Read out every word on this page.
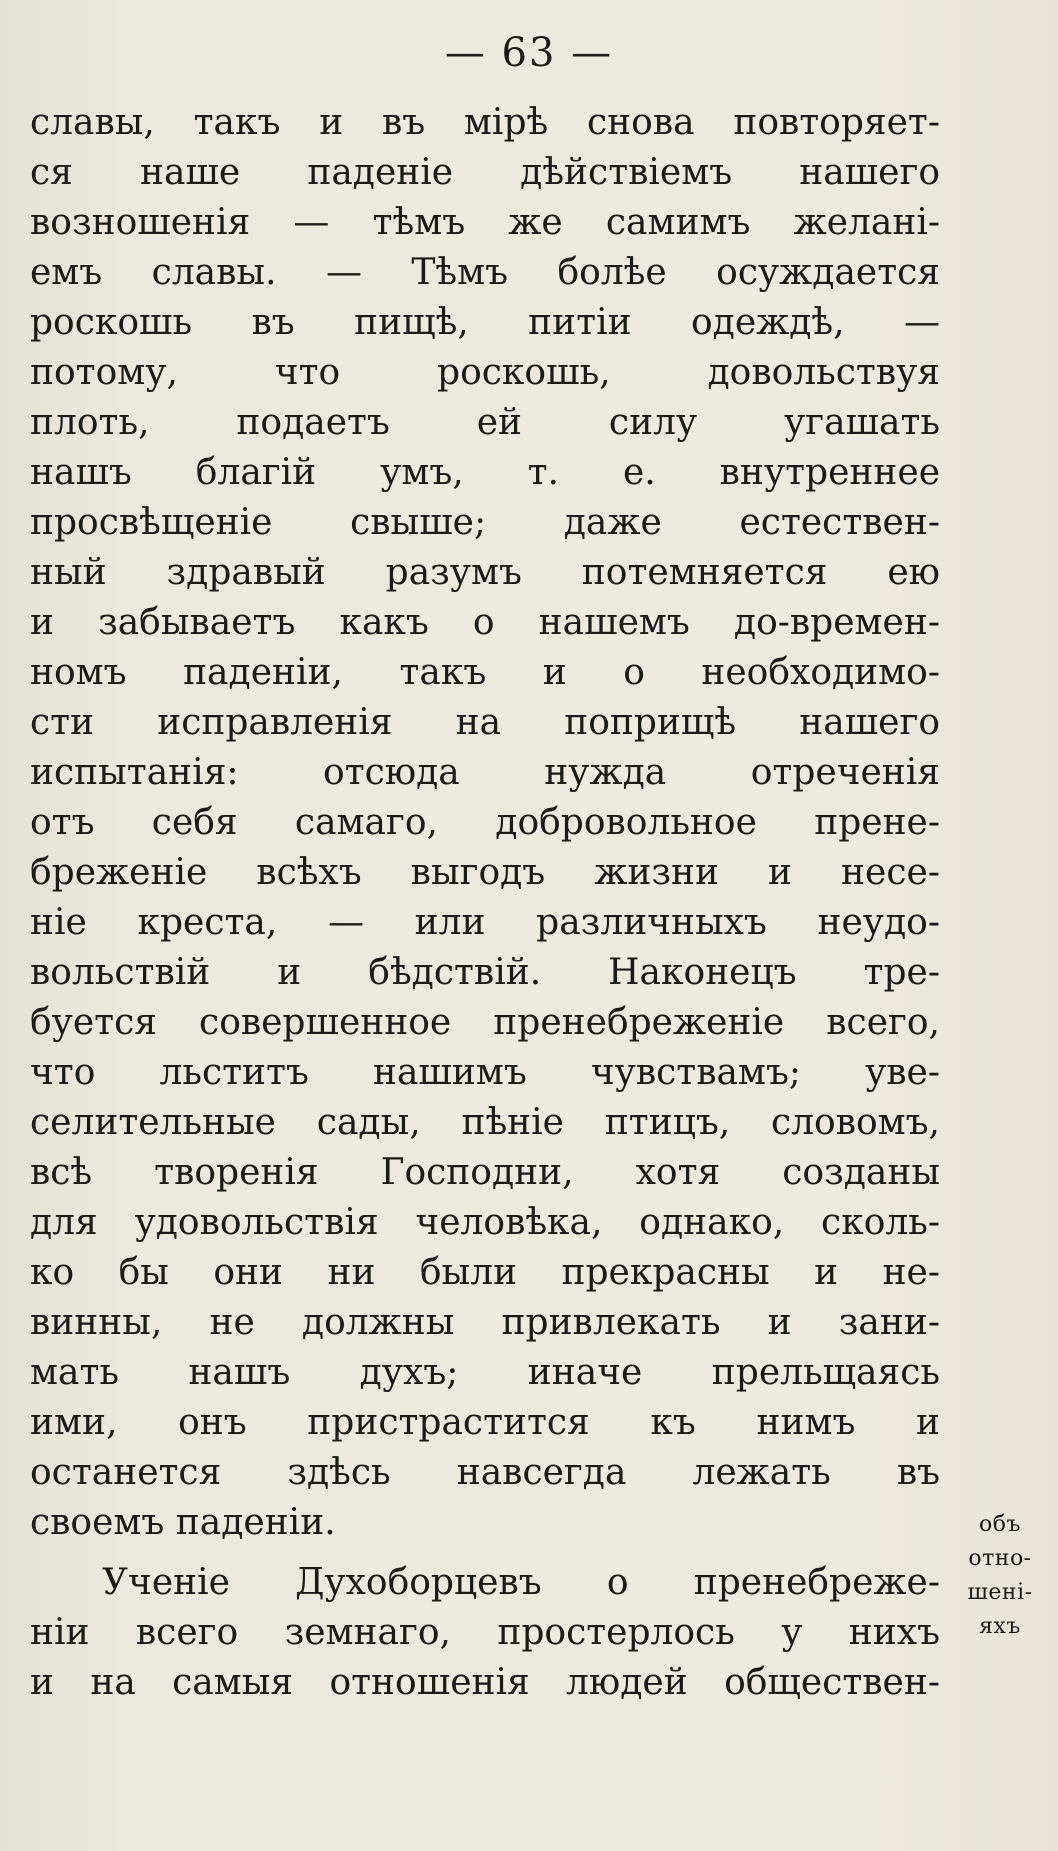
— 63 —
славы, такъ и въ мірѣ снова повторяет-
ся наше паденіе дѣйствіемъ нашего
возношенія — тѣмъ же самимъ желані-
емъ славы. — Тѣмъ болѣе осуждается
роскошь въ пищѣ, питіи одеждѣ, —
потому, что роскошь, довольствуя
плоть, подаетъ ей силу угашать
нашъ благій умъ, т. е. внутреннее
просвѣщеніе свыше; даже естествен-
ный здравый разумъ потемняется ею
и забываетъ какъ о нашемъ до-времен-
номъ паденіи, такъ и о необходимо-
сти исправленія на поприщѣ нашего
испытанія: отсюда нужда отреченія
отъ себя самаго, добровольное прене-
бреженіе всѣхъ выгодъ жизни и несе-
ніе креста, — или различныхъ неудо-
вольствій и бѣдствій. Наконецъ тре-
буется совершенное пренебреженіе всего,
что льститъ нашимъ чувствамъ; уве-
селительные сады, пѣніе птицъ, словомъ,
всѣ творенія Господни, хотя созданы
для удовольствія человѣка, однако, сколь-
ко бы они ни были прекрасны и не-
винны, не должны привлекать и зани-
мать нашъ духъ; иначе прельщаясь
ими, онъ пристрастится къ нимъ и
останется здѣсь навсегда лежать въ
своемъ паденіи.
Ученіе Духоборцевъ о пренебреже-
ніи всего земнаго, простерлось у нихъ
и на самыя отношенія людей обществен-
объ
отно-
шені-
яхъ
